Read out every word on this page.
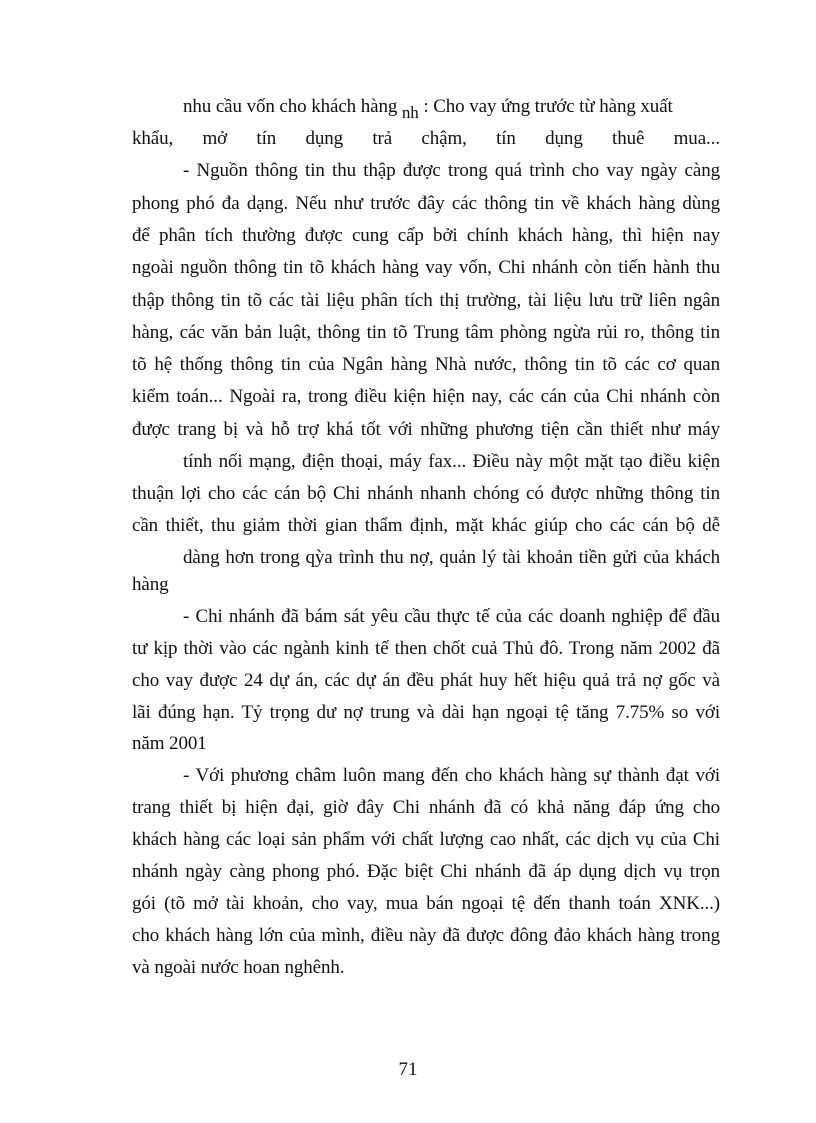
nhu cầu vốn cho khách hàng nh : Cho vay ứng trước từ hàng xuất
khẩu, mở tín dụng trả chậm, tín dụng thuê mua...
- Nguồn thông tin thu thập được trong quá trình cho vay ngày càng
phong phó đa dạng. Nếu như trước đây các thông tin về khách hàng dùng
để phân tích thường được cung cấp bởi chính khách hàng, thì hiện nay
ngoài nguồn thông tin tõ khách hàng vay vốn, Chi nhánh còn tiến hành thu
thập thông tin tõ các tài liệu phân tích thị trường, tài liệu lưu trữ liên ngân
hàng, các văn bản luật, thông tin tõ Trung tâm phòng ngừa rủi ro, thông tin
tõ hệ thống thông tin của Ngân hàng Nhà nước, thông tin tõ các cơ quan
kiểm toán... Ngoài ra, trong điều kiện hiện nay, các cán của Chi nhánh còn
được trang bị và hỗ trợ khá tốt với những phương tiện cần thiết như máy
tính nối mạng, điện thoại, máy fax... Điều này một mặt tạo điều kiện
thuận lợi cho các cán bộ Chi nhánh nhanh chóng có được những thông tin
cần thiết, thu giảm thời gian thẩm định, mặt khác giúp cho các cán bộ dễ
dàng hơn trong qỳa trình thu nợ, quản lý tài khoản tiền gửi của khách
hàng
- Chi nhánh đã bám sát yêu cầu thực tế của các doanh nghiệp để đầu
tư kịp thời vào các ngành kinh tế then chốt cuả Thủ đô. Trong năm 2002 đã
cho vay được 24 dự án, các dự án đều phát huy hết hiệu quả trả nợ gốc và
lãi đúng hạn. Tỷ trọng dư nợ trung và dài hạn ngoại tệ tăng 7.75% so với
năm 2001
- Với phương châm luôn mang đến cho khách hàng sự thành đạt với
trang thiết bị hiện đại, giờ đây Chi nhánh đã có khả năng đáp ứng cho
khách hàng các loại sản phẩm với chất lượng cao nhất, các dịch vụ của Chi
nhánh ngày càng phong phó. Đặc biệt Chi nhánh đã áp dụng dịch vụ trọn
gói (tõ mở tài khoản, cho vay, mua bán ngoại tệ đến thanh toán XNK...)
cho khách hàng lớn của mình, điều này đã được đông đảo khách hàng trong
và ngoài nước hoan nghênh.
71
